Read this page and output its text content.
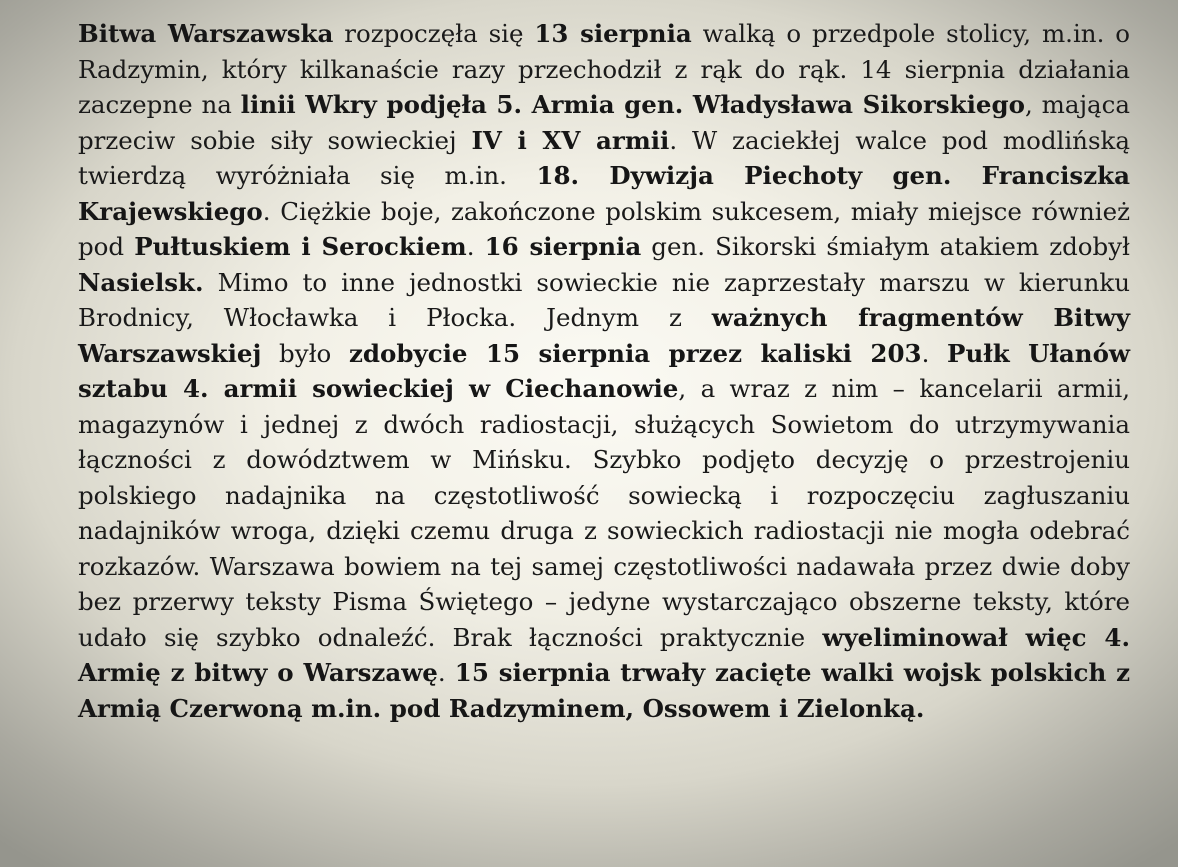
Bitwa Warszawska rozpoczęła się 13 sierpnia walką o przedpole stolicy, m.in. o Radzymin, który kilkanaście razy przechodził z rąk do rąk. 14 sierpnia działania zaczepne na linii Wkry podjęła 5. Armia gen. Władysława Sikorskiego, mająca przeciw sobie siły sowieckiej IV i XV armii. W zaciekłej walce pod modlińską twierdzą wyróżniała się m.in. 18. Dywizja Piechoty gen. Franciszka Krajewskiego. Ciężkie boje, zakończone polskim sukcesem, miały miejsce również pod Pułtuskiem i Serockiem. 16 sierpnia gen. Sikorski śmiałym atakiem zdobył Nasielsk. Mimo to inne jednostki sowieckie nie zaprzestały marszu w kierunku Brodnicy, Włocławka i Płocka. Jednym z ważnych fragmentów Bitwy Warszawskiej było zdobycie 15 sierpnia przez kaliski 203. Pułk Ułanów sztabu 4. armii sowieckiej w Ciechanowie, a wraz z nim – kancelarii armii, magazynów i jednej z dwóch radiostacji, służących Sowietom do utrzymywania łączności z dowództwem w Mińsku. Szybko podjęto decyzję o przestrojeniu polskiego nadajnika na częstotliwość sowiecką i rozpoczęciu zagłuszaniu nadajników wroga, dzięki czemu druga z sowieckich radiostacji nie mogła odebrać rozkazów. Warszawa bowiem na tej samej częstotliwości nadawała przez dwie doby bez przerwy teksty Pisma Świętego – jedyne wystarczająco obszerne teksty, które udało się szybko odnaleźć. Brak łączności praktycznie wyeliminował więc 4. Armię z bitwy o Warszawę. 15 sierpnia trwały zacięte walki wojsk polskich z Armią Czerwoną m.in. pod Radzyminem, Ossowem i Zielonką.
